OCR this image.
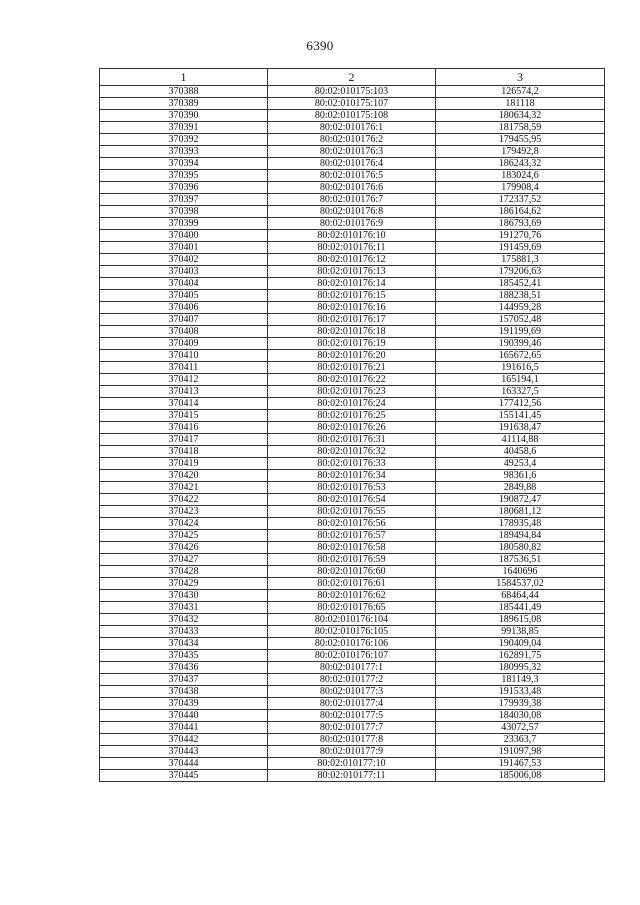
6390
1	2	3
370388	80:02:010175:103	126574,2
370389	80:02:010175:107	181118
370390	80:02:010175:108	180634,32
370391	80:02:010176:1	181758,59
370392	80:02:010176:2	179455,95
370393	80:02:010176:3	179492,8
370394	80:02:010176:4	186243,32
370395	80:02:010176:5	183024,6
370396	80:02:010176:6	179908,4
370397	80:02:010176:7	172337,52
370398	80:02:010176:8	186164,62
370399	80:02:010176:9	186793,69
370400	80:02:010176:10	191270,76
370401	80:02:010176:11	191459,69
370402	80:02:010176:12	175881,3
370403	80:02:010176:13	179206,63
370404	80:02:010176:14	185452,41
370405	80:02:010176:15	188238,51
370406	80:02:010176:16	144959,28
370407	80:02:010176:17	157052,48
370408	80:02:010176:18	191199,69
370409	80:02:010176:19	190399,46
370410	80:02:010176:20	165672,65
370411	80:02:010176:21	191616,5
370412	80:02:010176:22	165194,1
370413	80:02:010176:23	163327,5
370414	80:02:010176:24	177412,56
370415	80:02:010176:25	155141,45
370416	80:02:010176:26	191638,47
370417	80:02:010176:31	41114,88
370418	80:02:010176:32	40458,6
370419	80:02:010176:33	49253,4
370420	80:02:010176:34	98361,6
370421	80:02:010176:53	2849,88
370422	80:02:010176:54	190872,47
370423	80:02:010176:55	180681,12
370424	80:02:010176:56	178935,48
370425	80:02:010176:57	189494,84
370426	80:02:010176:58	180580,82
370427	80:02:010176:59	187536,51
370428	80:02:010176:60	1640696
370429	80:02:010176:61	1584537,02
370430	80:02:010176:62	68464,44
370431	80:02:010176:65	185441,49
370432	80:02:010176:104	189615,08
370433	80:02:010176:105	99138,85
370434	80:02:010176:106	190409,04
370435	80:02:010176:107	162891,75
370436	80:02:010177:1	180995,32
370437	80:02:010177:2	181149,3
370438	80:02:010177:3	191533,48
370439	80:02:010177:4	179939,38
370440	80:02:010177:5	184030,08
370441	80:02:010177:7	43072,57
370442	80:02:010177:8	23363,7
370443	80:02:010177:9	191097,98
370444	80:02:010177:10	191467,53
370445	80:02:010177:11	185006,08
